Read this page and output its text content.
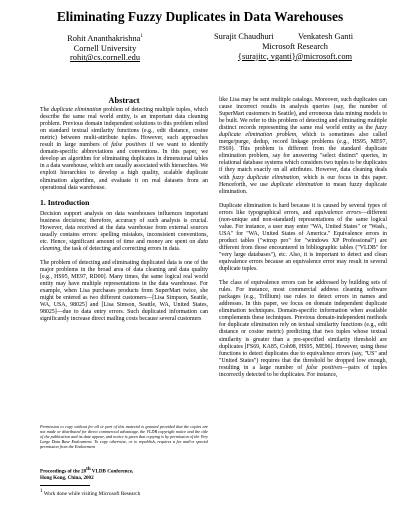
Eliminating Fuzzy Duplicates in Data Warehouses
Rohit Ananthakrishna$^1$
Cornell University
rohit@cs.cornell.edu
Surajit Chaudhuri	Venkatesh Ganti
Microsoft Research
{surajitc, vganti}@microsoft.com
Abstract

The duplicate elimination problem of detecting multiple tuples, which describe the same real world entity, is an important data cleaning problem. Previous domain independent solutions to this problem relied on standard textual similarity functions (e.g., edit distance, cosine metric) between multi-attribute tuples. However, such approaches result in large numbers of false positives if we want to identify domain-specific abbreviations and conventions. In this paper, we develop an algorithm for eliminating duplicates in dimensional tables in a data warehouse, which are usually associated with hierarchies. We exploit hierarchies to develop a high quality, scalable duplicate elimination algorithm, and evaluate it on real datasets from an operational data warehouse.

1. Introduction

Decision support analysis on data warehouses influences important business decisions; therefore, accuracy of such analysis is crucial. However, data received at the data warehouse from external sources usually contains errors: spelling mistakes, inconsistent conventions, etc. Hence, significant amount of time and money are spent on data cleaning, the task of detecting and correcting errors in data.

The problem of detecting and eliminating duplicated data is one of the major problems in the broad area of data cleaning and data quality [e.g., HS95, ME97, RD00]. Many times, the same logical real world entity may have multiple representations in the data warehouse. For example, when Lisa purchases products from SuperMart twice, she might be entered as two different customers—[Lisa Simpson, Seattle, WA, USA, 98025] and [Lisa Simson, Seattle, WA, United States, 98025]—due to data entry errors. Such duplicated information can significantly increase direct mailing costs because several customers

Permission to copy without fee all or part of this material is granted provided that the copies are not made or distributed for direct commercial advantage, the VLDB copyright notice and the title of the publication and its date appear, and notice is given that copying is by permission of the Very Large Data Base Endowment. To copy otherwise, or to republish, requires a fee and/or special permission from the Endowment
Proceedings of the 28th VLDB Conference,
Hong Kong, China, 2002
1 Work done while visiting Microsoft Research

like Lisa may be sent multiple catalogs. Moreover, such duplicates can cause incorrect results in analysis queries (say, the number of SuperMart customers in Seattle), and erroneous data mining models to be built. We refer to this problem of detecting and eliminating multiple distinct records representing the same real world entity as the fuzzy duplicate elimination problem, which is sometimes also called merge/purge, dedup, record linkage problems (e.g., HS95, ME97, FS69). This problem is different from the standard duplicate elimination problem, say for answering "select distinct" queries, in relational database systems which considers two tuples to be duplicates if they match exactly on all attributes. However, data cleaning deals with fuzzy duplicate elimination, which is our focus in this paper. Henceforth, we use duplicate elimination to mean fuzzy duplicate elimination.

Duplicate elimination is hard because it is caused by several types of errors like typographical errors, and equivalence errors—different (non-unique and non-standard) representations of the same logical value. For instance, a user may enter "WA, United States" or "Wash., USA" for "WA, United States of America." Equivalence errors in product tables ("winxp pro" for "windows XP Professional") are different from those encountered in bibliographic tables ("VLDB" for "very large databases"), etc. Also, it is important to detect and clean equivalence errors because an equivalence error may result in several duplicate tuples.

The class of equivalence errors can be addressed by building sets of rules. For instance, most commercial address cleaning software packages (e.g., Trillium) use rules to detect errors in names and addresses. In this paper, we focus on domain independent duplicate elimination techniques. Domain-specific information when available complements these techniques. Previous domain-independent methods for duplicate elimination rely on textual similarity functions (e.g., edit distance or cosine metric) predicting that two tuples whose textual similarity is greater than a pre-specified similarity threshold are duplicates [FS69, KA85, Coh98, HS95, ME96]. However, using these functions to detect duplicates due to equivalence errors (say, "US" and "United States") requires that the threshold be dropped low enough, resulting in a large number of false positives—pairs of tuples incorrectly detected to be duplicates. For instance,
